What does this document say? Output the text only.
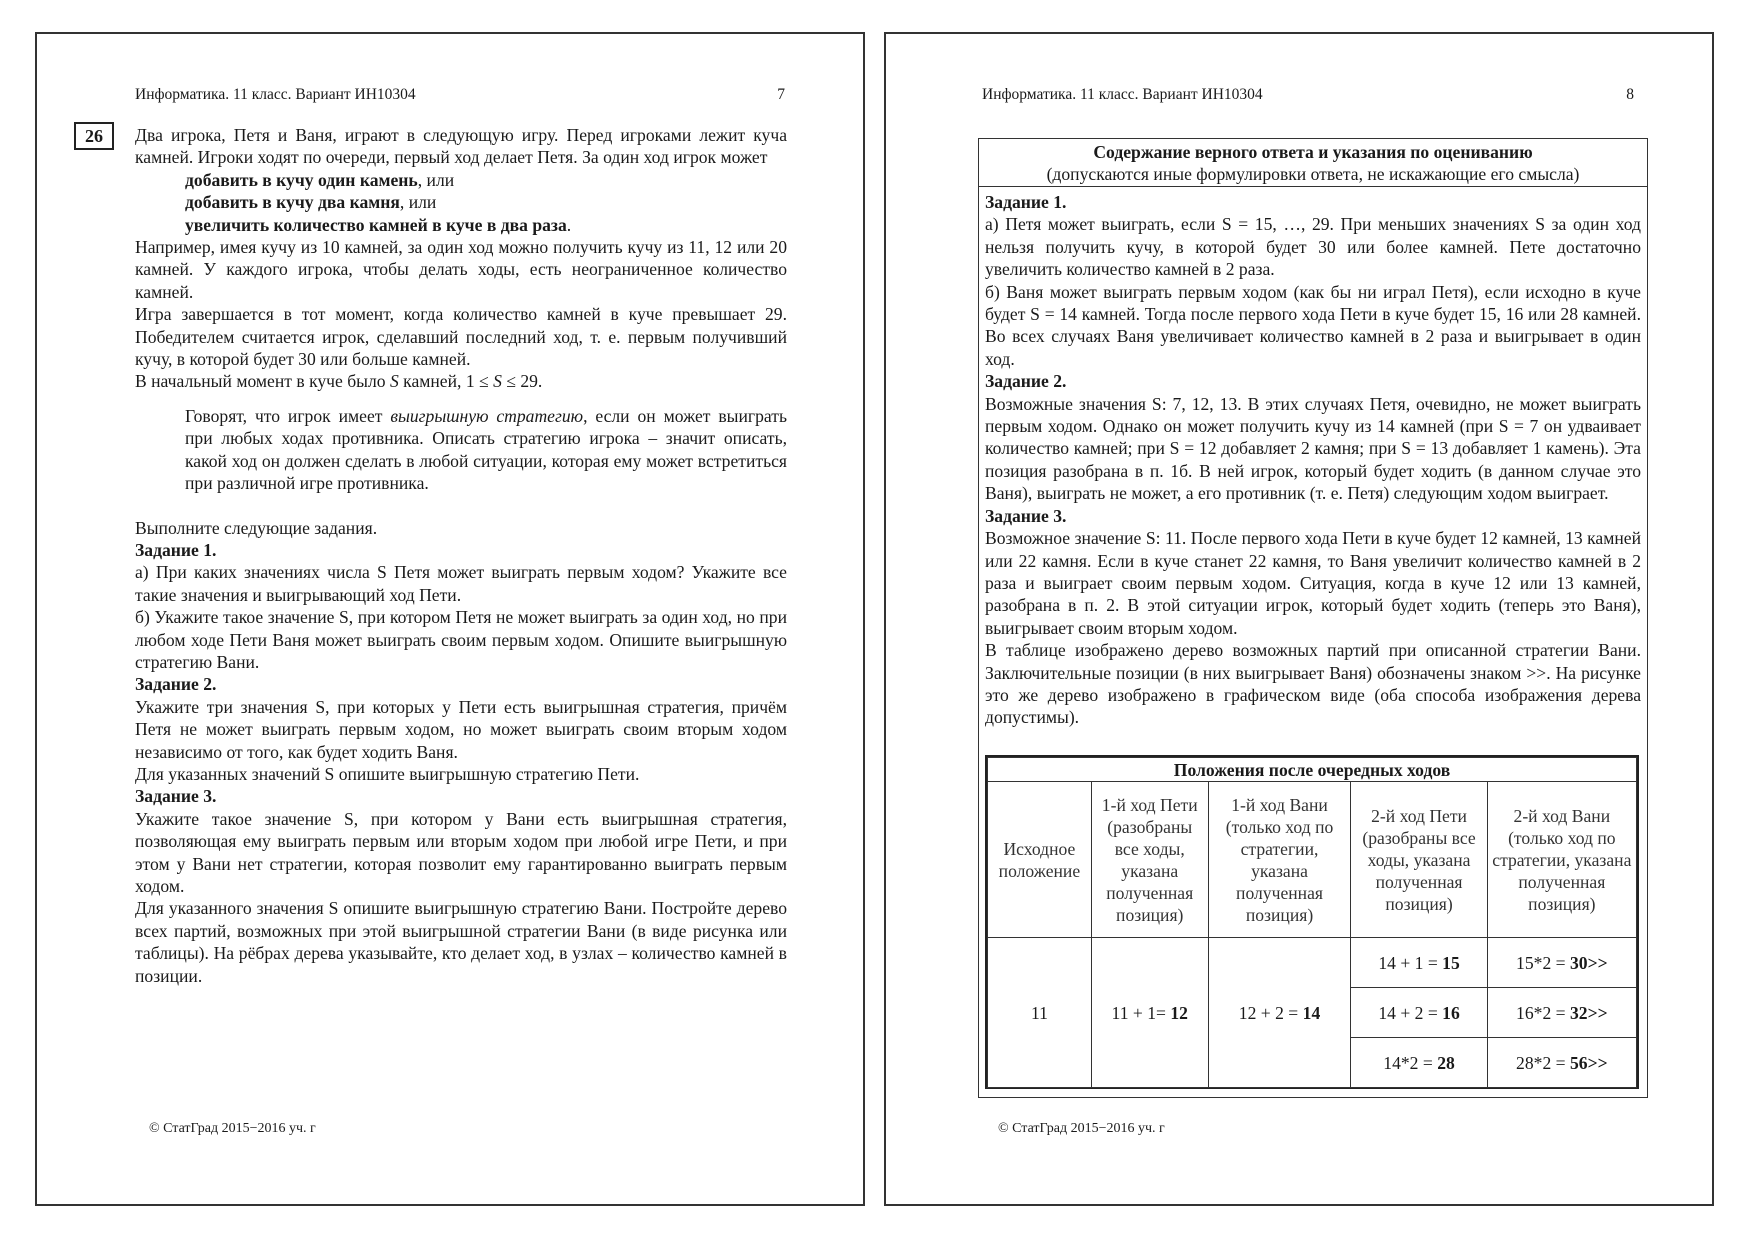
Информатика. 11 класс. Вариант ИН10304	7
26	Два игрока, Петя и Ваня, играют в следующую игру. Перед игроками лежит куча камней. Игроки ходят по очереди, первый ход делает Петя. За один ход игрок может

добавить в кучу один камень, или

добавить в кучу два камня, или

увеличить количество камней в куче в два раза.

Например, имея кучу из 10 камней, за один ход можно получить кучу из 11, 12 или 20 камней. У каждого игрока, чтобы делать ходы, есть неограниченное количество камней.

Игра завершается в тот момент, когда количество камней в куче превышает 29. Победителем считается игрок, сделавший последний ход, т. е. первым получивший кучу, в которой будет 30 или больше камней.

В начальный момент в куче было S камней, 1 ≤ S ≤ 29.

Говорят, что игрок имеет выигрышную стратегию, если он может выиграть при любых ходах противника. Описать стратегию игрока – значит описать, какой ход он должен сделать в любой ситуации, которая ему может встретиться при различной игре противника.

Выполните следующие задания.

Задание 1.

а) При каких значениях числа S Петя может выиграть первым ходом? Укажите все такие значения и выигрывающий ход Пети.

б) Укажите такое значение S, при котором Петя не может выиграть за один ход, но при любом ходе Пети Ваня может выиграть своим первым ходом. Опишите выигрышную стратегию Вани.

Задание 2.

Укажите три значения S, при которых у Пети есть выигрышная стратегия, причём Петя не может выиграть первым ходом, но может выиграть своим вторым ходом независимо от того, как будет ходить Ваня.

Для указанных значений S опишите выигрышную стратегию Пети.

Задание 3.

Укажите такое значение S, при котором у Вани есть выигрышная стратегия, позволяющая ему выиграть первым или вторым ходом при любой игре Пети, и при этом у Вани нет стратегии, которая позволит ему гарантированно выиграть первым ходом.

Для указанного значения S опишите выигрышную стратегию Вани. Постройте дерево всех партий, возможных при этой выигрышной стратегии Вани (в виде рисунка или таблицы). На рёбрах дерева указывайте, кто делает ход, в узлах – количество камней в позиции.

© СтатГрад 2015−2016 уч. г
Информатика. 11 класс. Вариант ИН10304	8
Содержание верного ответа и указания по оцениванию
(допускаются иные формулировки ответа, не искажающие его смысла)

Задание 1.

а) Петя может выиграть, если S = 15, …, 29. При меньших значениях S за один ход нельзя получить кучу, в которой будет 30 или более камней. Пете достаточно увеличить количество камней в 2 раза.

б) Ваня может выиграть первым ходом (как бы ни играл Петя), если исходно в куче будет S = 14 камней. Тогда после первого хода Пети в куче будет 15, 16 или 28 камней. Во всех случаях Ваня увеличивает количество камней в 2 раза и выигрывает в один ход.

Задание 2.

Возможные значения S: 7, 12, 13. В этих случаях Петя, очевидно, не может выиграть первым ходом. Однако он может получить кучу из 14 камней (при S = 7 он удваивает количество камней; при S = 12 добавляет 2 камня; при S = 13 добавляет 1 камень). Эта позиция разобрана в п. 1б. В ней игрок, который будет ходить (в данном случае это Ваня), выиграть не может, а его противник (т. е. Петя) следующим ходом выиграет.

Задание 3.

Возможное значение S: 11. После первого хода Пети в куче будет 12 камней, 13 камней или 22 камня. Если в куче станет 22 камня, то Ваня увеличит количество камней в 2 раза и выиграет своим первым ходом. Ситуация, когда в куче 12 или 13 камней, разобрана в п. 2. В этой ситуации игрок, который будет ходить (теперь это Ваня), выигрывает своим вторым ходом.

В таблице изображено дерево возможных партий при описанной стратегии Вани. Заключительные позиции (в них выигрывает Ваня) обозначены знаком >>. На рисунке это же дерево изображено в графическом виде (оба способа изображения дерева допустимы).

Положения после очередных ходов				
Исходное положение	1-й ход Пети (разобраны все ходы, указана полученная позиция)	1-й ход Вани (только ход по стратегии, указана полученная позиция)	2-й ход Пети (разобраны все ходы, указана полученная позиция)	2-й ход Вани (только ход по стратегии, указана полученная позиция)
11	11 + 1= 12	12 + 2 = 14	14 + 1 = 15	15*2 = 30>>
			14 + 2 = 16	16*2 = 32>>
			14*2 = 28	28*2 = 56>>
© СтатГрад 2015−2016 уч. г
